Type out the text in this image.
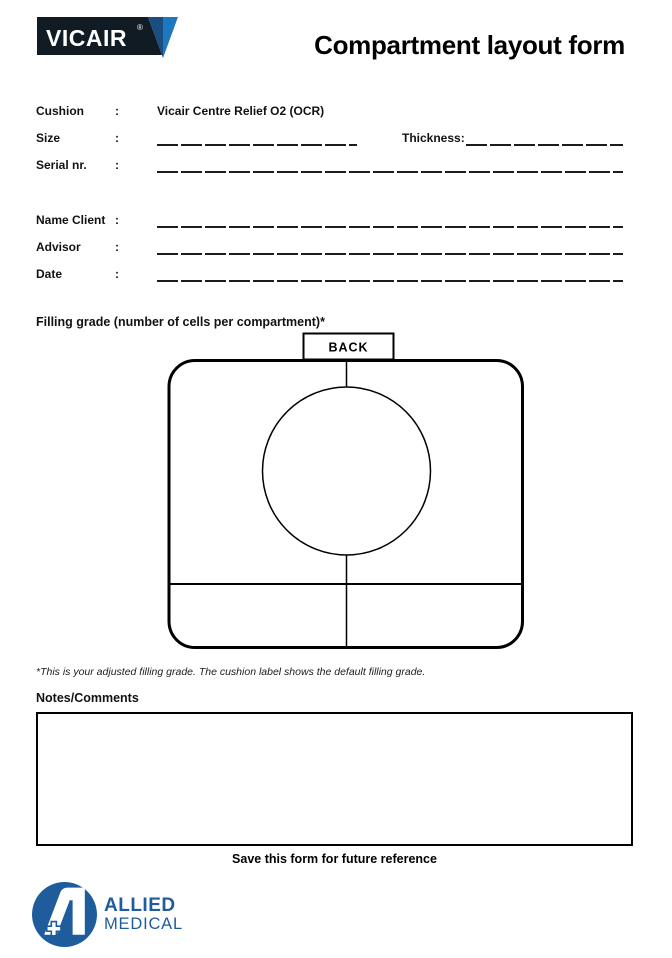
VICAIR ®
Compartment layout form
Cushion	:	Vicair Centre Relief O2 (OCR)
Size	:	Thickness:
Serial nr. :
Name Client :
Advisor	:
Date	:
Filling grade (number of cells per compartment)*
BACK
*This is your adjusted filling grade. The cushion label shows the default filling grade.
Notes/Comments
Save this form for future reference
ALLIED
MEDICAL
